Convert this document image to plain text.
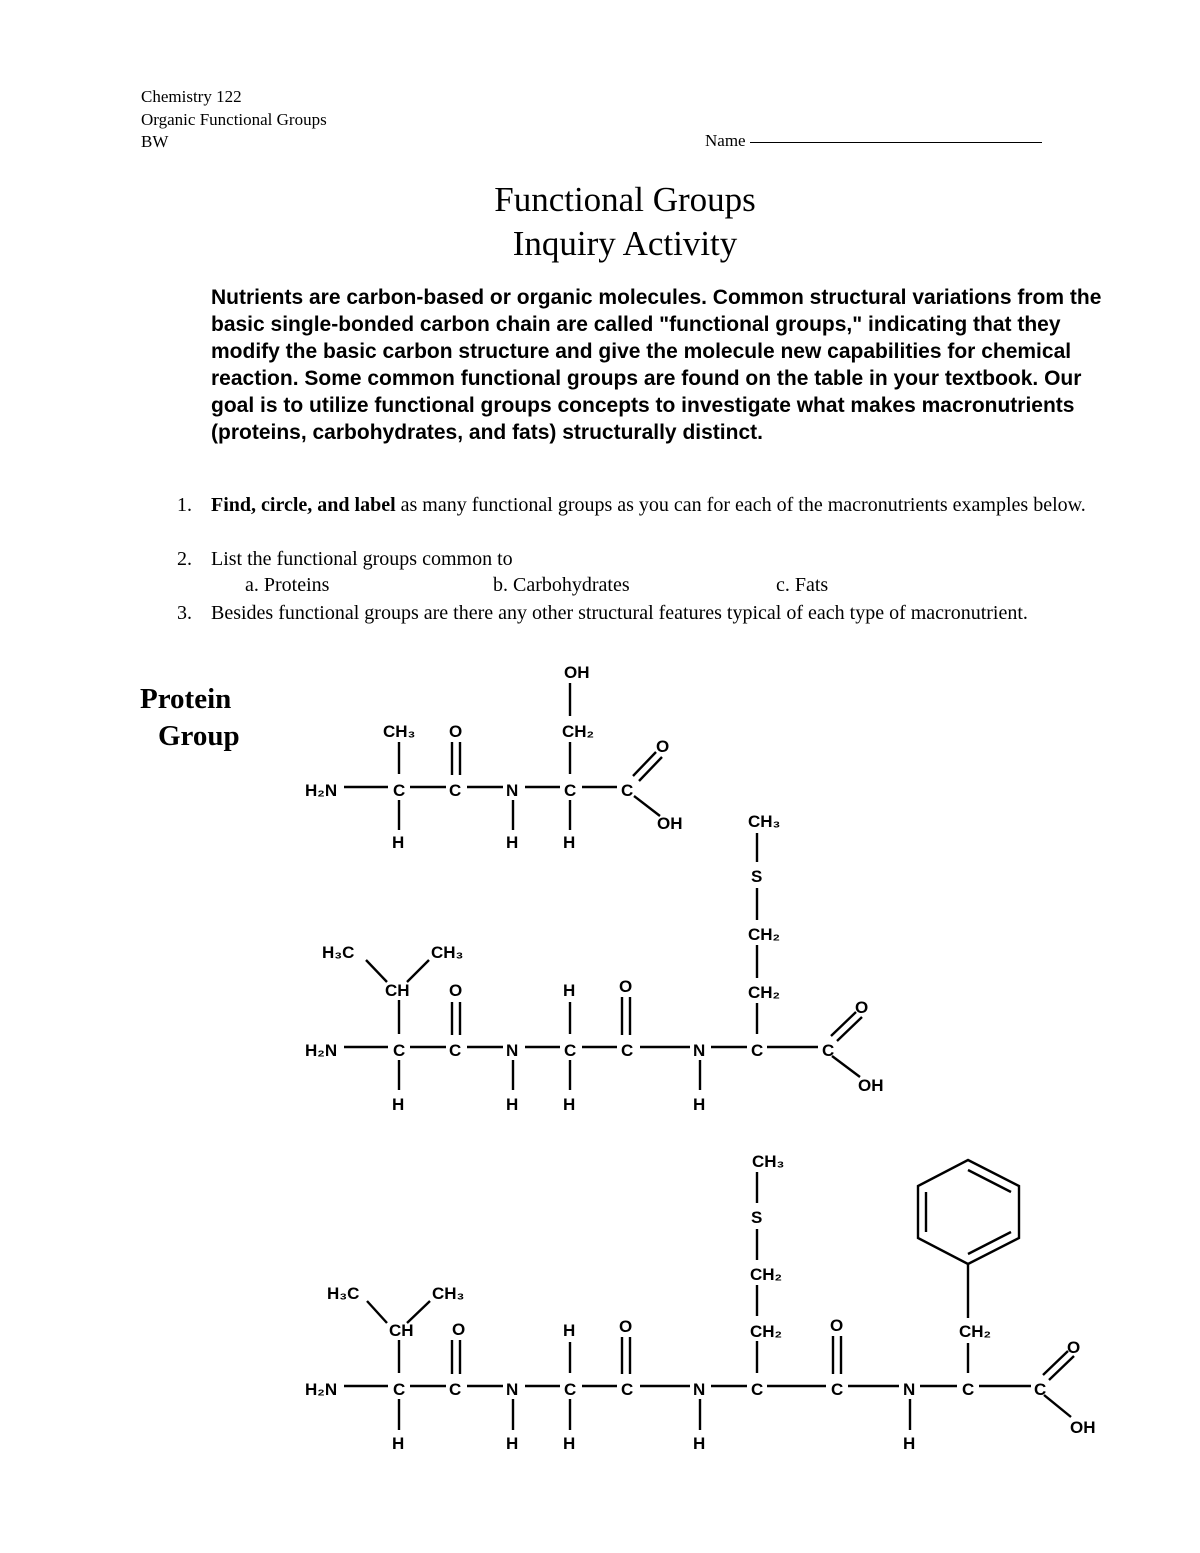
Chemistry 122
Organic Functional Groups
BW	Name
Functional Groups
Inquiry Activity
Nutrients are carbon-based or organic molecules. Common structural variations from the basic single-bonded carbon chain are called "functional groups," indicating that they modify the basic carbon structure and give the molecule new capabilities for chemical reaction. Some common functional groups are found on the table in your textbook. Our goal is to utilize functional groups concepts to investigate what makes macronutrients (proteins, carbohydrates, and fats) structurally distinct.
1. Find, circle, and label as many functional groups as you can for each of the macronutrients examples below.
2. List the functional groups common to
a. Proteins	b. Carbohydrates	c. Fats
3. Besides functional groups are there any other structural features typical of each type of macronutrient.
Protein
Group
H₂N	C	C	N	C	C
CH₃ O	CH₂
OH
O
OH
H	H	H
H₂N	C	C	N	C	C	N	C	C
CH
H₃C	CH₃
O	H	O	CH₂
CH₂
S
CH₃
O
OH
H	H	H	H
H₂N	C	C	N	C	C	N	C	C	N	C	C
CH
H₃C	CH₃
O	H	O	CH₂
CH₂
S
CH₃
O	CH₂
O
OH
H	H	H	H	H
